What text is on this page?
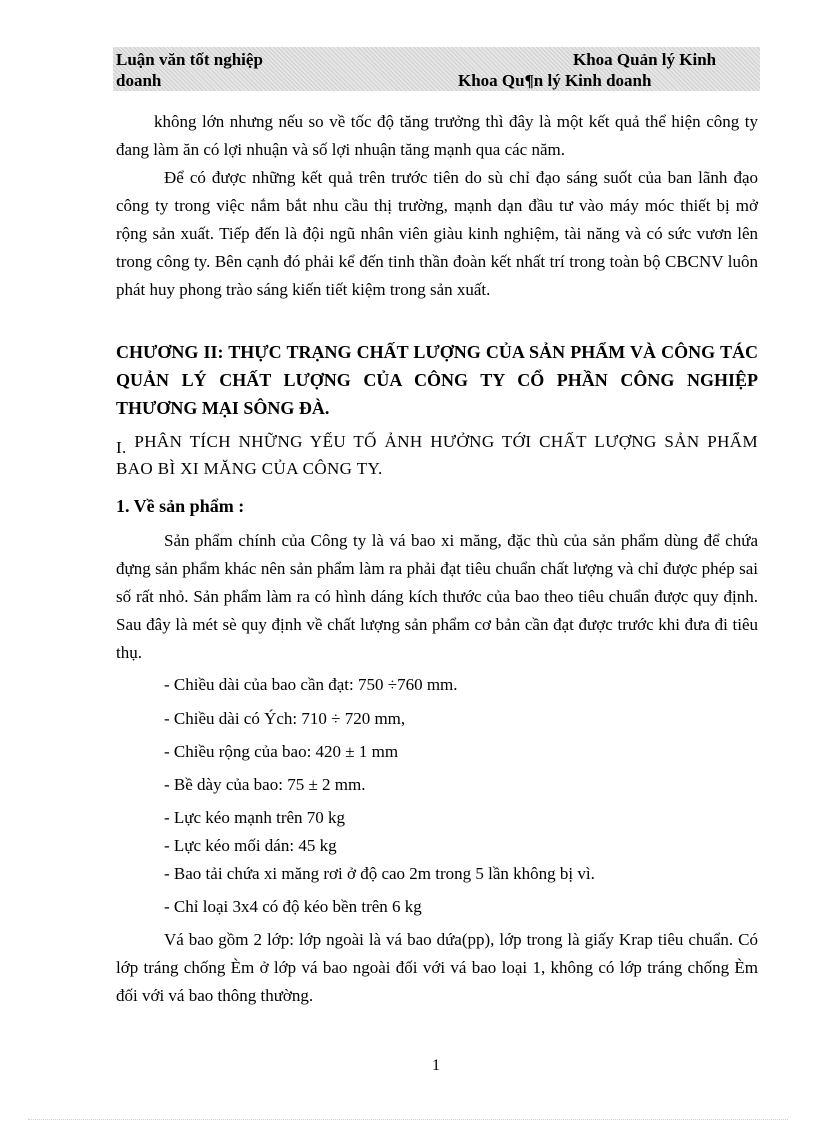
Luận văn tốt nghiệp	Khoa Quản lý Kinh
doanh	Khoa Qu¶n lý Kinh doanh

không lớn nhưng nếu so về tốc độ tăng trưởng thì đây là một kết quả thể hiện công ty đang làm ăn có lợi nhuận và số lợi nhuận tăng mạnh qua các năm.

Để có được những kết quả trên trước tiên do sù chỉ đạo sáng suốt của ban lãnh đạo công ty trong việc nắm bắt nhu cầu thị trường, mạnh dạn đầu tư vào máy móc thiết bị mở rộng sản xuất. Tiếp đến là đội ngũ nhân viên giàu kinh nghiệm, tài năng và có sức vươn lên trong công ty. Bên cạnh đó phải kể đến tinh thần đoàn kết nhất trí trong toàn bộ CBCNV luôn phát huy phong trào sáng kiến tiết kiệm trong sản xuất.

CHƯƠNG II: THỰC TRẠNG CHẤT LƯỢNG CỦA SẢN PHẨM VÀ CÔNG TÁC QUẢN LÝ CHẤT LƯỢNG CỦA CÔNG TY CỔ PHẦN CÔNG NGHIỆP THƯƠNG MẠI SÔNG ĐÀ.

I. PHÂN TÍCH NHỮNG YẾU TỐ ẢNH HƯỞNG TỚI CHẤT LƯỢNG SẢN PHẨM BAO BÌ XI MĂNG CỦA CÔNG TY.

1. Về sản phẩm :

Sản phẩm chính của Công ty là vá bao xi măng, đặc thù của sản phẩm dùng để chứa đựng sản phẩm khác nên sản phẩm làm ra phải đạt tiêu chuẩn chất lượng và chỉ được phép sai số rất nhỏ. Sản phẩm làm ra có hình dáng kích thước của bao theo tiêu chuẩn được quy định. Sau đây là mét sè quy định về chất lượng sản phẩm cơ bản cần đạt được trước khi đưa đi tiêu thụ.

- Chiều dài của bao cần đạt: 750 ÷760 mm.

- Chiều dài có Ých: 710 ÷ 720 mm,

- Chiều rộng của bao: 420 ± 1 mm

- Bề dày của bao: 75 ± 2 mm.

- Lực kéo mạnh trên 70 kg

- Lực kéo mối dán: 45 kg

- Bao tải chứa xi măng rơi ở độ cao 2m trong 5 lần không bị vì.

- Chỉ loại 3x4 có độ kéo bền trên 6 kg

Vá bao gồm 2 lớp: lớp ngoài là vá bao dứa(pp), lớp trong là giấy Krap tiêu chuẩn. Có lớp tráng chống Èm ở lớp vá bao ngoài đối với vá bao loại 1, không có lớp tráng chống Èm đối với vá bao thông thường.

1
